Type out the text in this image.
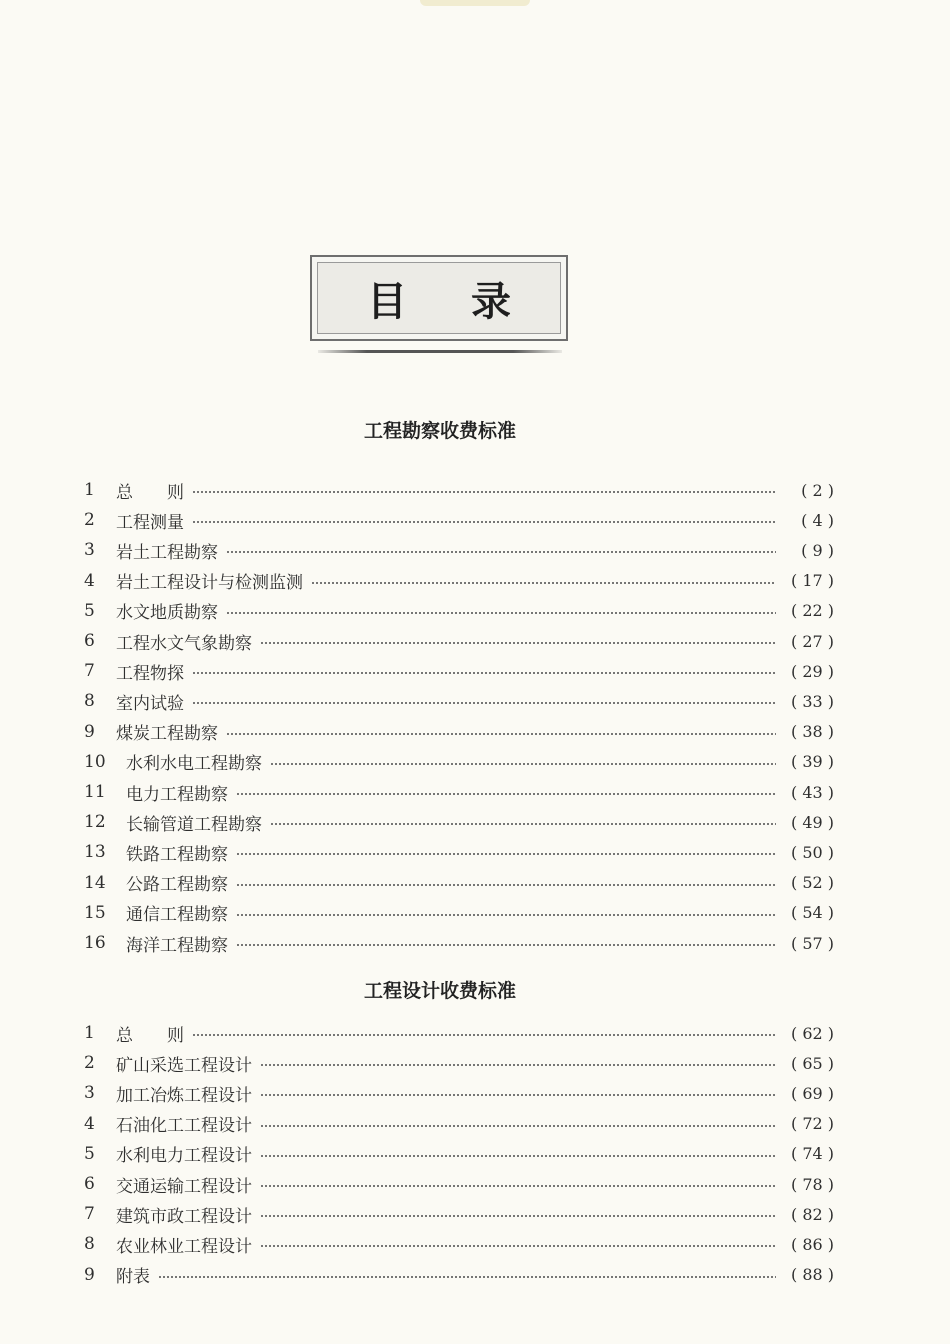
目录
工程勘察收费标准
1	总　　则	( 2 )
2	工程测量	( 4 )
3	岩土工程勘察	( 9 )
4	岩土工程设计与检测监测	( 17 )
5	水文地质勘察	( 22 )
6	工程水文气象勘察	( 27 )
7	工程物探	( 29 )
8	室内试验	( 33 )
9	煤炭工程勘察	( 38 )
10	水利水电工程勘察	( 39 )
11	电力工程勘察	( 43 )
12	长输管道工程勘察	( 49 )
13	铁路工程勘察	( 50 )
14	公路工程勘察	( 52 )
15	通信工程勘察	( 54 )
16	海洋工程勘察	( 57 )
工程设计收费标准
1	总　　则	( 62 )
2	矿山采选工程设计	( 65 )
3	加工冶炼工程设计	( 69 )
4	石油化工工程设计	( 72 )
5	水利电力工程设计	( 74 )
6	交通运输工程设计	( 78 )
7	建筑市政工程设计	( 82 )
8	农业林业工程设计	( 86 )
9	附表	( 88 )
